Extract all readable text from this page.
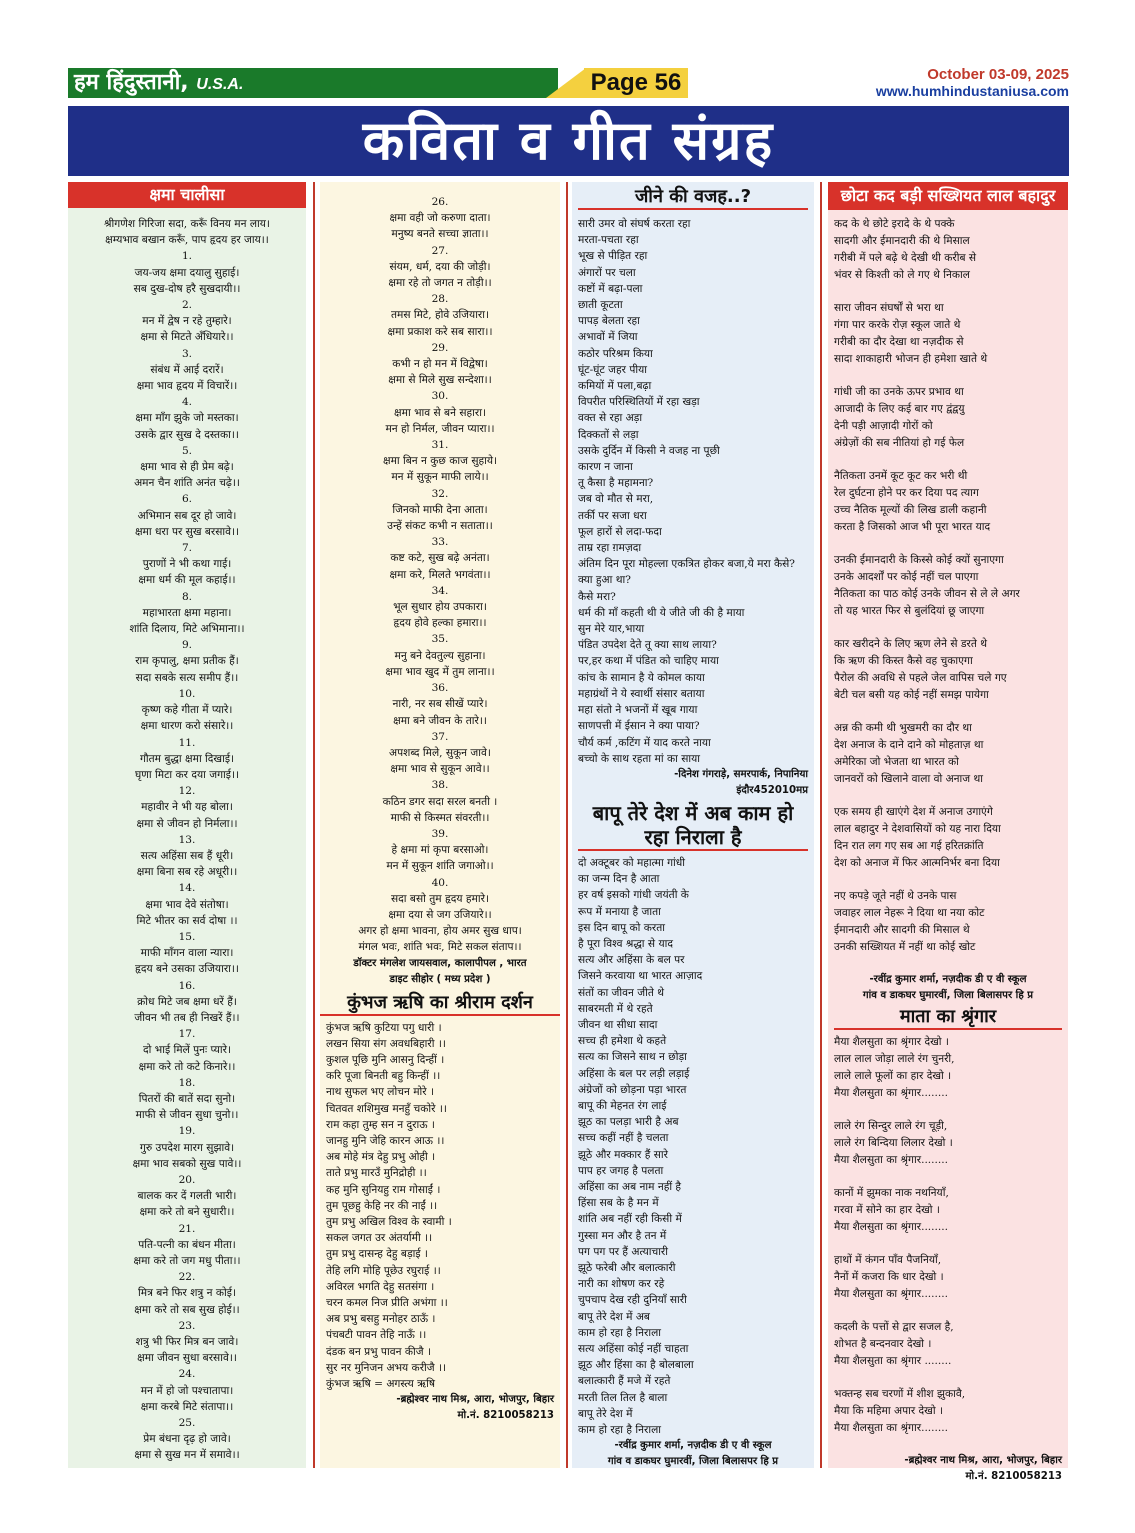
हम हिंदुस्तानी, U.S.A.	Page 56	October 03-09, 2025
www.humhindustaniusa.com
कविता व गीत संग्रह
क्षमा चालीसा
श्रीगणेश गिरिजा सदा, करूँ विनय मन लाय।
क्षम्यभाव बखान करूँ, पाप हृदय हर जाय।।
1.
जय-जय क्षमा दयालु सुहाई।
सब दुख-दोष हरै सुखदायी।।
2.
मन में द्वेष न रहे तुम्हारे।
क्षमा से मिटते अँधियारे।।
3.
संबंध में आई दरारें।
क्षमा भाव हृदय में विचारें।।
4.
क्षमा माँग झुके जो मस्तका।
उसके द्वार सुख दे दस्तका।।
5.
क्षमा भाव से ही प्रेम बढ़े।
अमन चैन शांति अनंत चढ़े।।
6.
अभिमान सब दूर हो जावे।
क्षमा धरा पर सुख बरसावे।।
7.
पुराणों ने भी कथा गाई।
क्षमा धर्म की मूल कहाई।।
8.
महाभारता क्षमा महाना।
शांति दिलाय, मिटे अभिमाना।।
9.
राम कृपालु, क्षमा प्रतीक हैं।
सदा सबके सत्य समीप हैं।।
10.
कृष्ण कहे गीता में प्यारे।
क्षमा धारण करो संसारे।।
11.
गौतम बुद्धा क्षमा दिखाई।
घृणा मिटा कर दया जगाई।।
12.
महावीर ने भी यह बोला।
क्षमा से जीवन हो निर्मला।।
13.
सत्य अहिंसा सब हैं धूरी।
क्षमा बिना सब रहे अधूरी।।
14.
क्षमा भाव देवे संतोषा।
मिटे भीतर का सर्व दोषा ।।
15.
माफी माँगन वाला न्यारा।
हृदय बने उसका उजियारा।।
16.
क्रोध मिटे जब क्षमा धरें हैं।
जीवन भी तब ही निखरें हैं।।
17.
दो भाई मिलें पुनः प्यारे।
क्षमा करे तो कटे किनारे।।
18.
पितरों की बातें सदा सुनो।
माफी से जीवन सुधा चुनो।।
19.
गुरु उपदेश मारग सुझावे।
क्षमा भाव सबको सुख पावे।।
20.
बालक कर दें गलती भारी।
क्षमा करे तो बने सुधारी।।
21.
पति-पत्नी का बंधन मीता।
क्षमा करे तो जग मधु पीता।।
22.
मित्र बने फिर शत्रु न कोई।
क्षमा करे तो सब सुख होई।।
23.
शत्रु भी फिर मित्र बन जावे।
क्षमा जीवन सुधा बरसावे।।
24.
मन में हो जो पश्चातापा।
क्षमा करबे मिटे संतापा।।
25.
प्रेम बंधना दृढ़ हो जावे।
क्षमा से सुख मन में समावे।।
26.
क्षमा वही जो करुणा दाता।
मनुष्य बनते सच्चा ज्ञाता।।
27.
संयम, धर्म, दया की जोड़ी।
क्षमा रहे तो जगत न तोड़ी।।
28.
तमस मिटे, होवे उजियारा।
क्षमा प्रकाश करे सब सारा।।
29.
कभी न हो मन में विद्वेषा।
क्षमा से मिले सुख सन्देशा।।
30.
क्षमा भाव से बने सहारा।
मन हो निर्मल, जीवन प्यारा।।
31.
क्षमा बिन न कुछ काज सुहाये।
मन में सुकून माफी लाये।।
32.
जिनको माफी देना आता।
उन्हें संकट कभी न सताता।।
33.
कष्ट कटे, सुख बढ़े अनंता।
क्षमा करे, मिलते भगवंता।।
34.
भूल सुधार होय उपकारा।
हृदय होवे हल्का हमारा।।
35.
मनु बने देवतुल्य सुहाना।
क्षमा भाव खुद में तुम लाना।।
36.
नारी, नर सब सीखें प्यारे।
क्षमा बने जीवन के तारे।।
37.
अपशब्द मिले, सुकून जावे।
क्षमा भाव से सुकून आवे।।
38.
कठिन डगर सदा सरल बनती ।
माफी से किस्मत संवरती।।
39.
हे क्षमा मां कृपा बरसाओ।
मन में सुकून शांति जगाओ।।
40.
सदा बसो तुम हृदय हमारे।
क्षमा दया से जग उजियारे।।
अगर हो क्षमा भावना, होय अमर सुख धाप।
मंगल भवः, शांति भवः, मिटे सकल संताप।।
डॉक्टर मंगलेश जायसवाल, कालापीपल , भारत
डाइट सीहोर ( मध्य प्रदेश )
कुंभज ऋषि का श्रीराम दर्शन
कुंभज ऋषि कुटिया पगु धारी ।
लखन सिया संग अवधबिहारी ।।
कुशल पूछि मुनि आसनु दिन्हीं ।
करि पूजा बिनती बहु किन्हीं ।।
नाथ सुफल भए लोचन मोरे ।
चितवत शशिमुख मनहुँ चकोरे ।।
राम कहा तुम्ह सन न दुराऊ ।
जानहु मुनि जेहि कारन आऊ ।।
अब मोहे मंत्र देहु प्रभु ओही ।
ताते प्रभु मारउँ मुनिद्रोही ।।
कह मुनि सुनियहु राम गोसाईं ।
तुम पूछहु केहि नर की नाईं ।।
तुम प्रभु अखिल विश्व के स्वामी ।
सकल जगत उर अंतर्यामी ।।
तुम प्रभु दासन्ह देहु बड़ाई ।
तेहि लगि मोहि पूछेउ रघुराई ।।
अविरल भगति देहु सतसंगा ।
चरन कमल निज प्रीति अभंगा ।।
अब प्रभु बसहु मनोहर ठाऊँ ।
पंचबटी पावन तेहि नाऊँ ।।
दंडक बन प्रभु पावन कीजै ।
सुर नर मुनिजन अभय करीजै ।।
कुंभज ऋषि = अगस्त्य ऋषि
-ब्रह्मेश्वर नाथ मिश्र, आरा, भोजपुर, बिहार
मो.नं. 8210058213
जीने की वजह..?
सारी उमर वो संघर्ष करता रहा
मरता-पचता रहा
भूख से पीड़ित रहा
अंगारों पर चला
कष्टों में बढ़ा-पला
छाती कूटता
पापड़ बेलता रहा
अभावों में जिया
कठोर परिश्रम किया
घूंट-घूंट जहर पीया
कमियों में पला,बढ़ा
विपरीत परिस्थितियों में रहा खड़ा
वक्त से रहा अड़ा
दिक्कतों से लड़ा
उसके दुर्दिन में किसी ने वजह ना पूछी
कारण न जाना
तू कैसा है महामना?
जब वो मौत से मरा,
तर्की पर सजा धरा
फूल हारों से लदा-फदा
ताम्र रहा ग़मज़दा
अंतिम दिन पूरा मोहल्ला एकत्रित होकर बजा,ये मरा कैसे?
क्या हुआ था?
कैसे मरा?
धर्म की माँ कहती थी ये जीते जी की है माया
सुन मेरे यार,भाया
पंडित उपदेश देते तू क्या साथ लाया?
पर,हर कथा में पंडित को चाहिए माया
कांच के सामान है ये कोमल काया
महाग्रंथों ने ये स्वार्थी संसार बताया
महा संतो ने भजनों में खूब गाया
साणपत्ती में ईसान ने क्या पाया?
चौर्य कर्म ,कटिंग में याद करते नाया
बच्चो के साथ रहता मां का साया
-दिनेश गंगराड़े, समरपार्क, निपानिया
इंदौर452010मप्र
बापू तेरे देश में अब काम हो रहा निराला है
दो अक्टूबर को महात्मा गांधी
का जन्म दिन है आता
हर वर्ष इसको गांधी जयंती के
रूप में मनाया है जाता
इस दिन बापू को करता
है पूरा विश्व श्रद्धा से याद
सत्य और अहिंसा के बल पर
जिसने करवाया था भारत आज़ाद
संतों का जीवन जीते थे
साबरमती में थे रहते
जीवन था सीधा सादा
सच्च ही हमेशा थे कहते
सत्य का जिसने साथ न छोड़ा
अहिंसा के बल पर लड़ी लड़ाई
अंग्रेजों को छोड़ना पड़ा भारत
बापू की मेहनत रंग लाई
झूठ का पलड़ा भारी है अब
सच्च कहीं नहीं है चलता
झूठे और मक्कार हैं सारे
पाप हर जगह है पलता
अहिंसा का अब नाम नहीं है
हिंसा सब के है मन में
शांति अब नहीं रही किसी में
गुस्सा मन और है तन में
पग पग पर हैं अत्याचारी
झूठे फरेबी और बलात्कारी
नारी का शोषण कर रहे
चुपचाप देख रही दुनियाँ सारी
बापू तेरे देश में अब
काम हो रहा है निराला
सत्य अहिंसा कोई नहीं चाहता
झूठ और हिंसा का है बोलबाला
बलात्कारी हैं मजे में रहते
मरती तिल तिल है बाला
बापू तेरे देश में
काम हो रहा है निराला
-रवींद्र कुमार शर्मा, नज़दीक डी ए वी स्कूल
गांव व डाकघर घुमारवीं, जिला बिलासपर हि प्र
छोटा कद बड़ी सख्शियत लाल बहादुर
कद के थे छोटे इरादे के थे पक्के
सादगी और ईमानदारी की थे मिसाल
गरीबी में पले बढ़े थे देखी थी करीब से
भंवर से किश्ती को ले गए थे निकाल
सारा जीवन संघर्षों से भरा था
गंगा पार करके रोज़ स्कूल जाते थे
गरीबी का दौर देखा था नज़दीक से
सादा शाकाहारी भोजन ही हमेशा खाते थे
गांधी जी का उनके ऊपर प्रभाव था
आजादी के लिए कई बार गए द्वंद्वयु
देनी पड़ी आज़ादी गोरों को
अंग्रेज़ों की सब नीतियां हो गई फेल
नैतिकता उनमें कूट कूट कर भरी थी
रेल दुर्घटना होने पर कर दिया पद त्याग
उच्च नैतिक मूल्यों की लिख डाली कहानी
करता है जिसको आज भी पूरा भारत याद
उनकी ईमानदारी के किस्से कोई क्यों सुनाएगा
उनके आदर्शों पर कोई नहीं चल पाएगा
नैतिकता का पाठ कोई उनके जीवन से ले ले अगर
तो यह भारत फिर से बुलंदियां छू जाएगा
कार खरीदने के लिए ऋण लेने से डरते थे
कि ऋण की किस्त कैसे वह चुकाएगा
पैरोल की अवधि से पहले जेल वापिस चले गए
बेटी चल बसी यह कोई नहीं समझ पायेगा
अन्न की कमी थी भुखमरी का दौर था
देश अनाज के दाने दाने को मोहताज़ था
अमेरिका जो भेजता था भारत को
जानवरों को खिलाने वाला वो अनाज था
एक समय ही खाएंगे देश में अनाज उगाएंगे
लाल बहादुर ने देशवासियों को यह नारा दिया
दिन रात लग गए सब आ गई हरितक्रांति
देश को अनाज में फिर आत्मनिर्भर बना दिया
नए कपड़े जूते नहीं थे उनके पास
जवाहर लाल नेहरू ने दिया था नया कोट
ईमानदारी और सादगी की मिसाल थे
उनकी सख्शियत में नहीं था कोई खोट
-रवींद्र कुमार शर्मा, नज़दीक डी ए वी स्कूल
गांव व डाकघर घुमारवीं, जिला बिलासपर हि प्र
माता का श्रृंगार
मैया शैलसुता का श्रृंगार देखो ।
लाल लाल जोड़ा लाले रंग चुनरी,
लाले लाले फूलों का हार देखो ।
मैया शैलसुता का श्रृंगार........
लाले रंग सिन्दुर लाले रंग चूड़ी,
लाले रंग बिन्दिया लिलार देखो ।
मैया शैलसुता का श्रृंगार........
कानों में झुमका नाक नथनियाँ,
गरवा में सोने का हार देखो ।
मैया शैलसुता का श्रृंगार........
हाथों में कंगन पाँव पैजनियाँ,
नैनों में कजरा कि धार देखो ।
मैया शैलसुता का श्रृंगार........
कदली के पत्तों से द्वार सजल है,
शोभत है बन्दनवार देखो ।
मैया शैलसुता का श्रृंगार ........
भक्तन्ह सब चरणों में शीश झुकावै,
मैया कि महिमा अपार देखो ।
मैया शैलसुता का श्रृंगार........
-ब्रह्मेश्वर नाथ मिश्र, आरा, भोजपुर, बिहार
मो.नं. 8210058213
